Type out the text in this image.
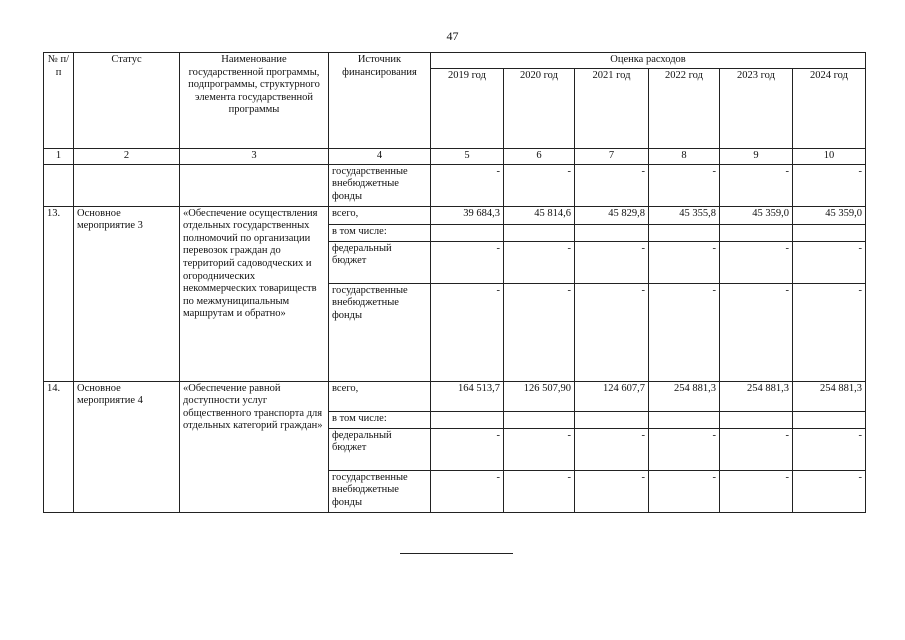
47
№ п/п	Статус	Наименование государственной программы, подпрограммы, структурного элемента государственной программы	Источник финансирования	Оценка расходов					
				2019 год	2020 год	2021 год	2022 год	2023 год	2024 год
1	2	3	4	5	6	7	8	9	10
			государственные внебюджетные фонды	-	-	-	-	-	-
13.	Основное мероприятие 3	«Обеспечение осуществления отдельных государственных полномочий по организации перевозок граждан до территорий садоводческих и огороднических некоммерческих товариществ по межмуниципальным маршрутам и обратно»	всего,	39 684,3	45 814,6	45 829,8	45 355,8	45 359,0	45 359,0
			в том числе:						
			федеральный бюджет	-	-	-	-	-	-
			государственные внебюджетные фонды	-	-	-	-	-	-
14.	Основное мероприятие 4	«Обеспечение равной доступности услуг общественного транспорта для отдельных категорий граждан»	всего,	164 513,7	126 507,90	124 607,7	254 881,3	254 881,3	254 881,3
			в том числе:						
			федеральный бюджет	-	-	-	-	-	-
			государственные внебюджетные фонды	-	-	-	-	-	-
